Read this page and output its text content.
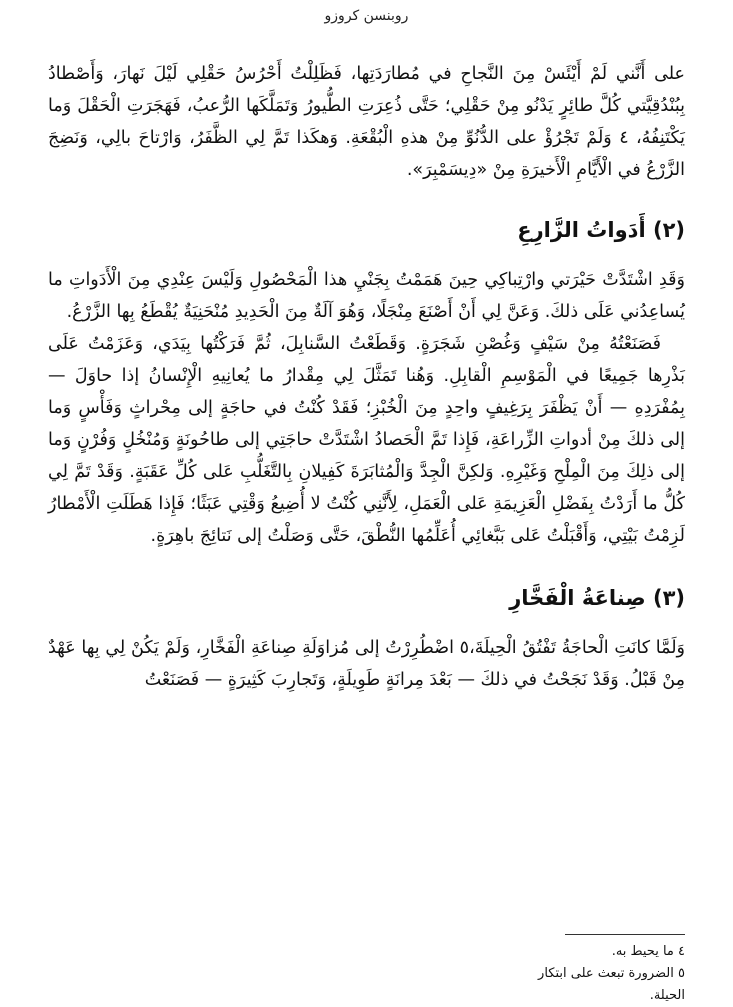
روبنسن كروزو

على أَنَّني لَمْ أَيْئَسْ مِنَ النَّجاحِ في مُطارَدَتِها، فَظَلِلْتُ أَحْرُسُ حَقْلِي لَيْلَ نَهارَ، وَأَصْطادُ بِبُنْدُقِيَّتي كُلَّ طائِرٍ يَدْنُو مِنْ حَقْلِي؛ حَتَّى ذُعِرَتِ الطُّيورُ وَتَمَلَّكَها الرُّعبُ، فَهَجَرَتِ الْحَقْلَ وَما يَكْتَنِفُهُ، ٤ وَلَمْ تَجْرُؤْ على الدُّنُوِّ مِنْ هذهِ الْبُقْعَةِ. وَهكَذا تَمَّ لِي الظَّفَرُ، وَارْتاحَ بالِي، وَنَضِجَ الزَّرْعُ في الْأَيَّامِ الْأَخيرَةِ مِنْ «دِيسَمْبِرَ».

(٢) أَدَواتُ الزَّارِعِ

وَقَدِ اشْتَدَّتْ حَيْرَتي وارْتِباكِي حِينَ هَمَمْتُ بِجَنْيِ هذا الْمَحْصُولِ وَلَيْسَ عِنْدِي مِنَ الْأَدَواتِ ما يُساعِدُني عَلَى ذلكَ. وَعَنَّ لِي أَنْ أَصْنَعَ مِنْجَلًا، وَهُوَ آلَةٌ مِنَ الْحَدِيدِ مُنْحَنِيَةٌ يُقْطَعُ بِها الزَّرْعُ.

فَصَنَعْتُهُ مِنْ سَيْفٍ وَغُصْنِ شَجَرَةٍ. وَقَطَعْتُ السَّنابِلَ، ثُمَّ فَرَكْتُها بِيَدَي، وَعَزَمْتُ عَلَى بَذْرِها جَمِيعًا في الْمَوْسِمِ الْقابِلِ. وَهُنا تَمَثَّلَ لِي مِقْدارُ ما يُعانِيهِ الْإِنْسانُ إذا حاوَلَ — بِمُفْرَدِهِ — أَنْ يَظْفَرَ بِرَغِيفٍ واحِدٍ مِنَ الْخُبْزِ؛ فَقَدْ كُنْتُ في حاجَةٍ إلى مِحْراثٍ وَفَأْسٍ وَما إلى ذلكَ مِنْ أدواتِ الزِّراعَةِ، فَإِذا تَمَّ الْحَصادُ اشْتَدَّتْ حاجَتِي إلى طاحُونَةٍ وَمُنْخُلٍ وَفُرْنٍ وَما إلى ذلِكَ مِنَ الْمِلْحِ وَغَيْرِهِ. وَلكِنَّ الْجِدَّ وَالْمُثابَرَةَ كَفِيلانِ بِالتَّغَلُّبِ عَلى كُلِّ عَقَبَةٍ. وَقَدْ تَمَّ لِي كُلُّ ما أَرَدْتُ بِفَضْلِ الْعَزِيمَةِ عَلى الْعَمَلِ، لِأَنَّنِي كُنْتُ لا أُضِيعُ وَقْتِي عَبَثًا؛ فَإِذا هَطَلَتِ الْأَمْطارُ لَزِمْتُ بَيْتِي، وَأَقْبَلْتُ عَلى بَبَّغائِي أُعَلِّمُها النُّطْقَ، حَتَّى وَصَلْتُ إلى نَتائِجَ باهِرَةٍ.

(٣) صِناعَةُ الْفَخَّارِ

وَلَمَّا كانَتِ الْحاجَةُ تَفْتُقُ الْحِيلَةَ،٥ اضْطُرِرْتُ إلى مُزاوَلَةِ صِناعَةِ الْفَخَّارِ، وَلَمْ يَكُنْ لِي بِها عَهْدٌ مِنْ قَبْلُ. وَقَدْ نَجَحْتُ في ذلكَ — بَعْدَ مِرانَةٍ طَوِيلَةٍ، وَتَجارِبَ كَثِيرَةٍ — فَصَنَعْتُ

٤ ما يحيط به.

٥ الضرورة تبعث على ابتكار الحيلة.
